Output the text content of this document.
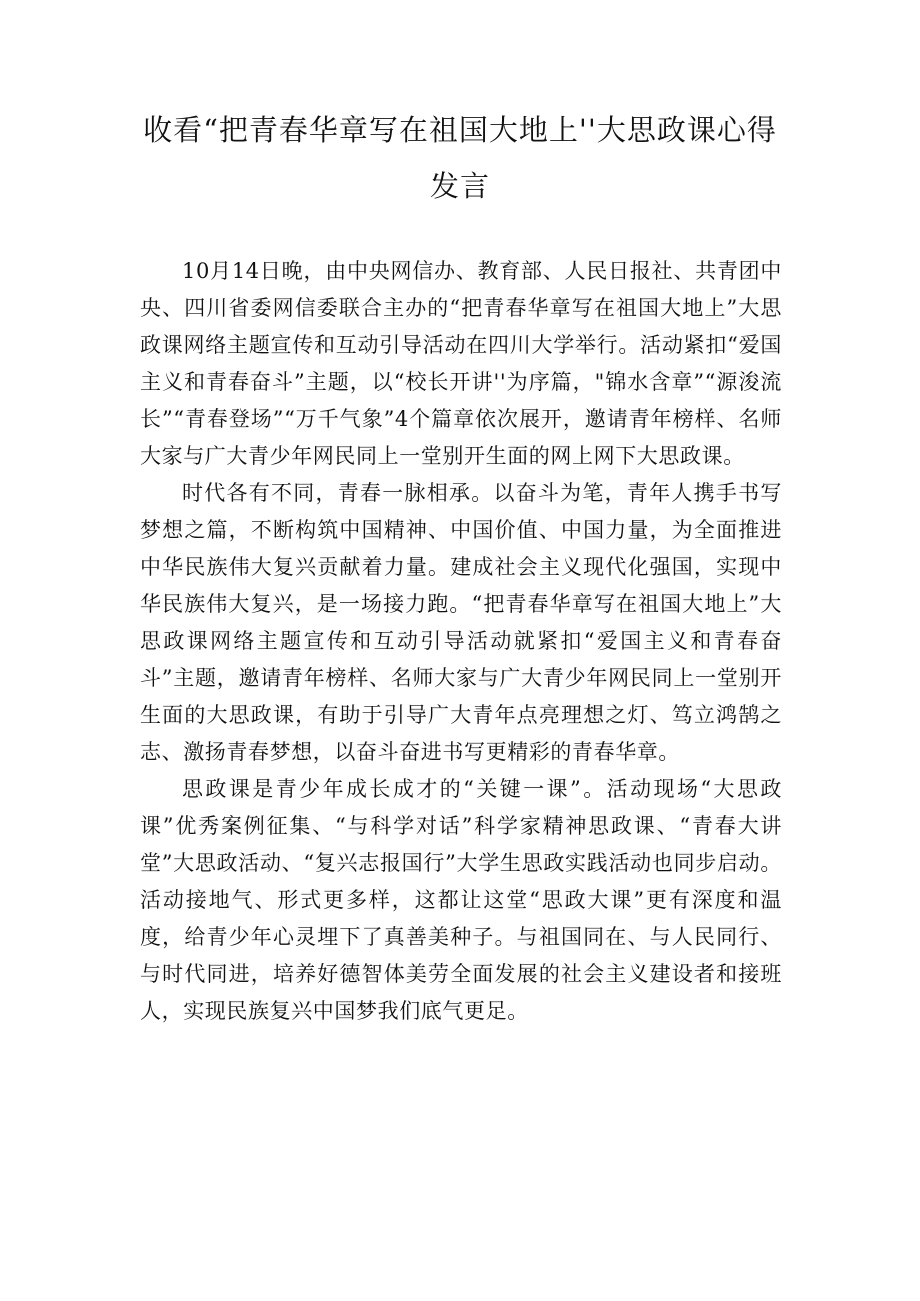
收看“把青春华章写在祖国大地上''大思政课心得
发言

10月14日晚，由中央网信办、教育部、人民日报社、共青团中央、四川省委网信委联合主办的“把青春华章写在祖国大地上”大思政课网络主题宣传和互动引导活动在四川大学举行。活动紧扣“爱国主义和青春奋斗”主题，以“校长开讲''为序篇，"锦水含章”“源浚流长”“青春登场”“万千气象”4个篇章依次展开，邀请青年榜样、名师大家与广大青少年网民同上一堂别开生面的网上网下大思政课。

时代各有不同，青春一脉相承。以奋斗为笔，青年人携手书写梦想之篇，不断构筑中国精神、中国价值、中国力量，为全面推进中华民族伟大复兴贡献着力量。建成社会主义现代化强国，实现中华民族伟大复兴，是一场接力跑。“把青春华章写在祖国大地上”大思政课网络主题宣传和互动引导活动就紧扣“爱国主义和青春奋斗”主题，邀请青年榜样、名师大家与广大青少年网民同上一堂别开生面的大思政课，有助于引导广大青年点亮理想之灯、笃立鸿鹄之志、激扬青春梦想，以奋斗奋进书写更精彩的青春华章。

思政课是青少年成长成才的“关键一课”。活动现场“大思政课”优秀案例征集、“与科学对话”科学家精神思政课、“青春大讲堂”大思政活动、“复兴志报国行”大学生思政实践活动也同步启动。活动接地气、形式更多样，这都让这堂“思政大课”更有深度和温度，给青少年心灵埋下了真善美种子。与祖国同在、与人民同行、与时代同进，培养好德智体美劳全面发展的社会主义建设者和接班人，实现民族复兴中国梦我们底气更足。
